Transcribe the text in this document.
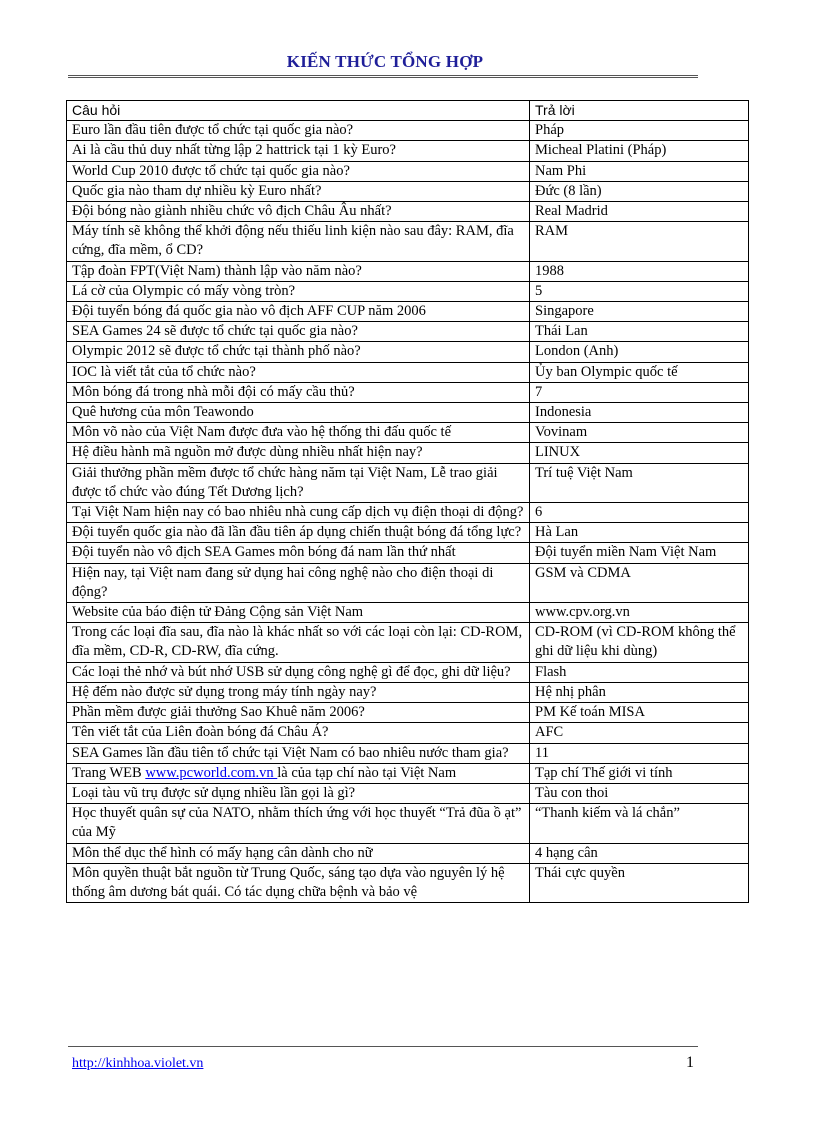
KIẾN THỨC TỔNG HỢP
Câu hỏi	Trả lời
Euro lần đầu tiên được tổ chức tại quốc gia nào?	Pháp
Ai là cầu thủ duy nhất từng lập 2 hattrick tại 1 kỳ Euro?	Micheal Platini (Pháp)
World Cup 2010 được tổ chức tại quốc gia nào?	Nam Phi
Quốc gia nào tham dự nhiều kỳ Euro nhất?	Đức (8 lần)
Đội bóng nào giành nhiều chức vô địch Châu Âu nhất?	Real Madrid
Máy tính sẽ không thể khởi động nếu thiếu linh kiện nào sau đây: RAM, đĩa cứng, đĩa mềm, ổ CD?	RAM
Tập đoàn FPT(Việt Nam) thành lập vào năm nào?	1988
Lá cờ của Olympic có mấy vòng tròn?	5
Đội tuyển bóng đá quốc gia nào vô địch AFF CUP năm 2006	Singapore
SEA Games 24 sẽ được tổ chức tại quốc gia nào?	Thái Lan
Olympic 2012 sẽ được tổ chức tại thành phố nào?	London (Anh)
IOC là viết tắt của tổ chức nào?	Ủy ban Olympic quốc tế
Môn bóng đá trong nhà mỗi đội có mấy cầu thủ?	7
Quê hương của môn Teawondo	Indonesia
Môn võ nào của Việt Nam được đưa vào hệ thống thi đấu quốc tế	Vovinam
Hệ điều hành mã nguồn mở được dùng nhiều nhất hiện nay?	LINUX
Giải thưởng phần mềm được tổ chức hàng năm tại Việt Nam, Lễ trao giải được tổ chức vào đúng Tết Dương lịch?	Trí tuệ Việt Nam
Tại Việt Nam hiện nay có bao nhiêu nhà cung cấp dịch vụ điện thoại di động?	6
Đội tuyển quốc gia nào đã lần đầu tiên áp dụng chiến thuật bóng đá tổng lực?	Hà Lan
Đội tuyển nào vô địch SEA Games môn bóng đá nam lần thứ nhất	Đội tuyển miền Nam Việt Nam
Hiện nay, tại Việt nam đang sử dụng hai công nghệ nào cho điện thoại di động?	GSM và CDMA
Website của báo điện tử Đảng Cộng sản Việt Nam	www.cpv.org.vn
Trong các loại đĩa sau, đĩa nào là khác nhất so với các loại còn lại: CD-ROM, đĩa mềm, CD-R, CD-RW, đĩa cứng.	CD-ROM (vì CD-ROM không thể ghi dữ liệu khi dùng)
Các loại thẻ nhớ và bút nhớ USB sử dụng công nghệ gì để đọc, ghi dữ liệu?	Flash
Hệ đếm nào được sử dụng trong máy tính ngày nay?	Hệ nhị phân
Phần mềm được giải thưởng Sao Khuê năm 2006?	PM Kế toán MISA
Tên viết tắt của Liên đoàn bóng đá Châu Á?	AFC
SEA Games lần đầu tiên tổ chức tại Việt Nam có bao nhiêu nước tham gia?	11
Trang WEB www.pcworld.com.vn là của tạp chí nào tại Việt Nam	Tạp chí Thế giới vi tính
Loại tàu vũ trụ được sử dụng nhiều lần gọi là gì?	Tàu con thoi
Học thuyết quân sự của NATO, nhằm thích ứng với học thuyết “Trả đũa ồ ạt” của Mỹ	“Thanh kiếm và lá chắn”
Môn thể dục thể hình có mấy hạng cân dành cho nữ	4 hạng cân
Môn quyền thuật bắt nguồn từ Trung Quốc, sáng tạo dựa vào nguyên lý hệ thống âm dương bát quái. Có tác dụng chữa bệnh và bảo vệ	Thái cực quyền
http://kinhhoa.violet.vn	1
